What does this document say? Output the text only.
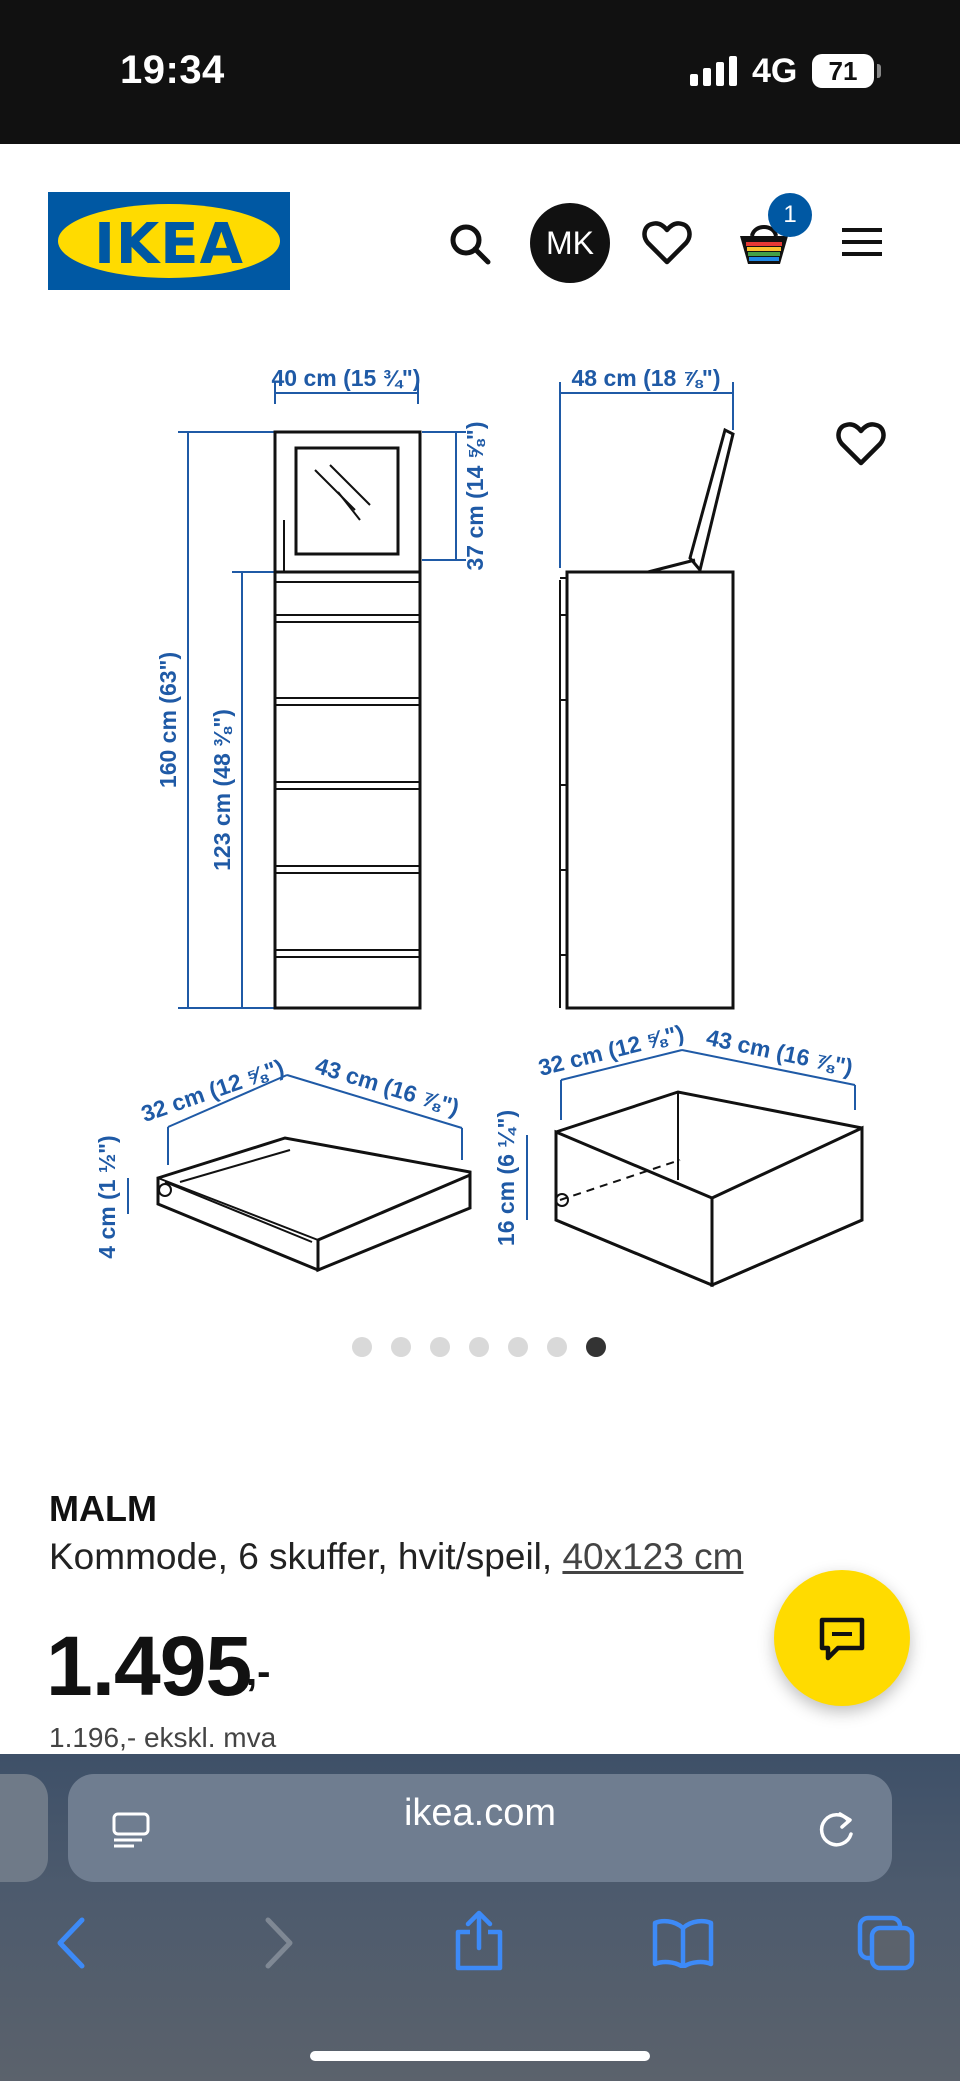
19:34	4G	71
IKEA	MK
1
40 cm (15 ¾")	48 cm (18 ⅞")
37 cm (14 ⅝")
160 cm (63") 123 cm (48 ⅜")
32 cm (12 ⅝") 43 cm (16 ⅞")
4 cm (1 ½")
32 cm (12 ⅝") 43 cm (16 ⅞")
16 cm (6 ¼")
MALM
Kommode, 6 skuffer, hvit/speil, 40x123 cm
1.495
,-
1.196,- ekskl. mva
ikea.com
